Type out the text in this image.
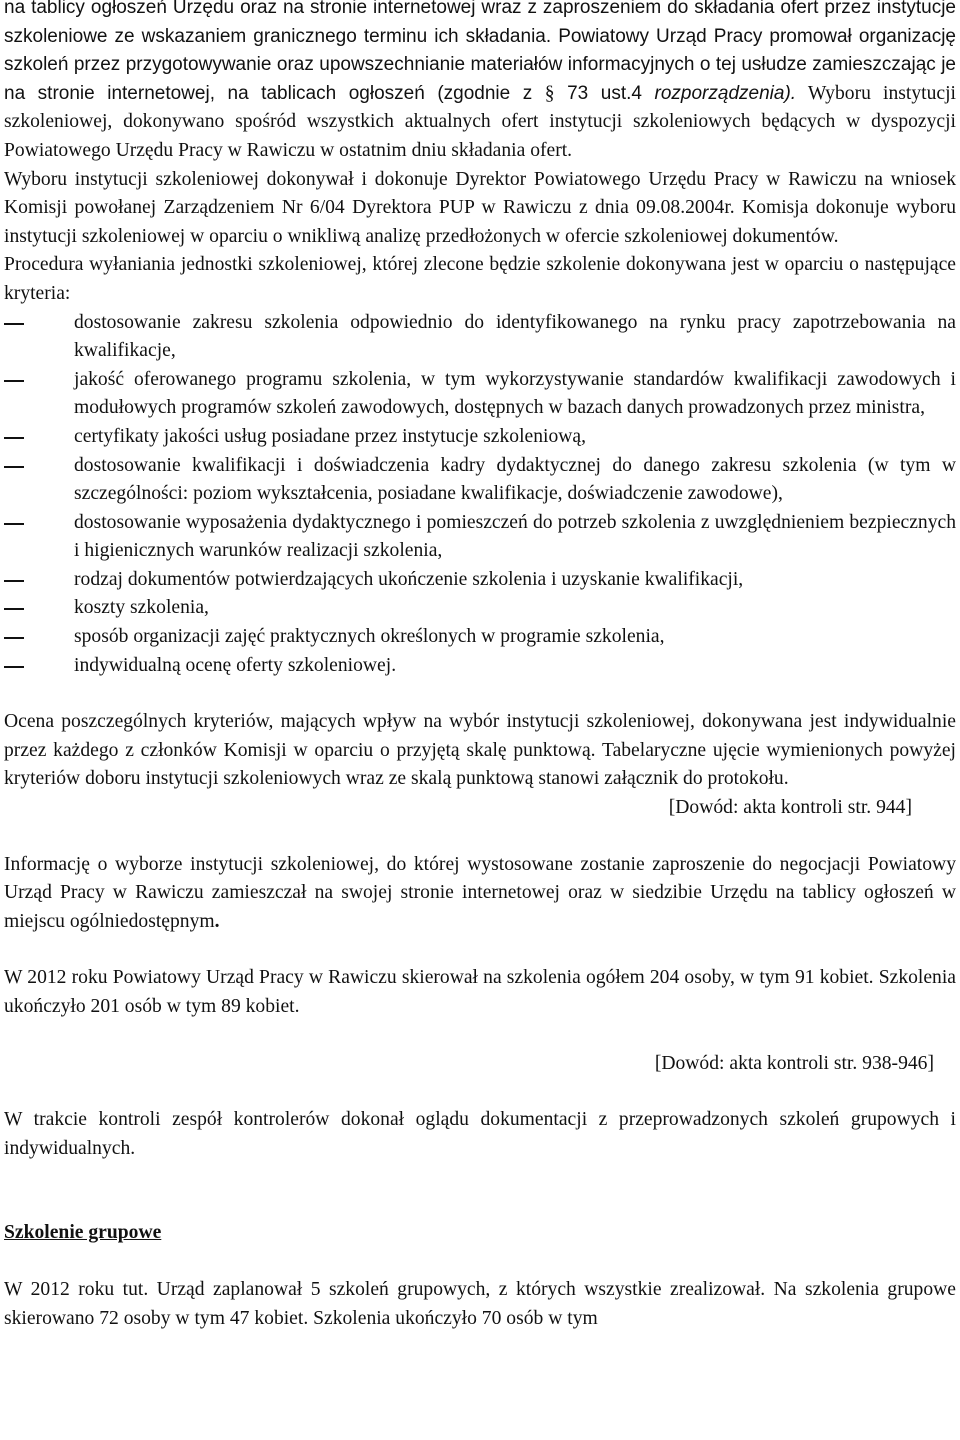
na tablicy ogłoszeń Urzędu oraz na stronie internetowej wraz z zaproszeniem do składania ofert przez instytucje szkoleniowe ze wskazaniem granicznego terminu ich składania. Powiatowy Urząd Pracy promował organizację szkoleń przez przygotowywanie oraz upowszechnianie materiałów informacyjnych o tej usłudze zamieszczając je na stronie internetowej, na tablicach ogłoszeń (zgodnie z § 73 ust.4 rozporządzenia). Wyboru instytucji szkoleniowej, dokonywano spośród wszystkich aktualnych ofert instytucji szkoleniowych będących w dyspozycji Powiatowego Urzędu Pracy w Rawiczu w ostatnim dniu składania ofert.

Wyboru instytucji szkoleniowej dokonywał i dokonuje Dyrektor Powiatowego Urzędu Pracy w Rawiczu na wniosek Komisji powołanej Zarządzeniem Nr 6/04 Dyrektora PUP w Rawiczu z dnia 09.08.2004r. Komisja dokonuje wyboru instytucji szkoleniowej w oparciu o wnikliwą analizę przedłożonych w ofercie szkoleniowej dokumentów.

Procedura wyłaniania jednostki szkoleniowej, której zlecone będzie szkolenie dokonywana jest w oparciu o następujące kryteria:

dostosowanie zakresu szkolenia odpowiednio do identyfikowanego na rynku pracy zapotrzebowania na kwalifikacje,
jakość oferowanego programu szkolenia, w tym wykorzystywanie standardów kwalifikacji zawodowych i modułowych programów szkoleń zawodowych, dostępnych w bazach danych prowadzonych przez ministra,
certyfikaty jakości usług posiadane przez instytucje szkoleniową,
dostosowanie kwalifikacji i doświadczenia kadry dydaktycznej do danego zakresu szkolenia (w tym w szczególności: poziom wykształcenia, posiadane kwalifikacje, doświadczenie zawodowe),
dostosowanie wyposażenia dydaktycznego i pomieszczeń do potrzeb szkolenia z uwzględnieniem bezpiecznych i higienicznych warunków realizacji szkolenia,
rodzaj dokumentów potwierdzających ukończenie szkolenia i uzyskanie kwalifikacji,
koszty szkolenia,
sposób organizacji zajęć praktycznych określonych w programie szkolenia,
indywidualną ocenę oferty szkoleniowej.

Ocena poszczególnych kryteriów, mających wpływ na wybór instytucji szkoleniowej, dokonywana jest indywidualnie przez każdego z członków Komisji w oparciu o przyjętą skalę punktową. Tabelaryczne ujęcie wymienionych powyżej kryteriów doboru instytucji szkoleniowych wraz ze skalą punktową stanowi załącznik do protokołu.

[Dowód: akta kontroli str. 944]

Informację o wyborze instytucji szkoleniowej, do której wystosowane zostanie zaproszenie do negocjacji Powiatowy Urząd Pracy w Rawiczu zamieszczał na swojej stronie internetowej oraz w siedzibie Urzędu na tablicy ogłoszeń w miejscu ogólniedostępnym.

W 2012 roku Powiatowy Urząd Pracy w Rawiczu skierował na szkolenia ogółem 204 osoby, w tym 91 kobiet. Szkolenia ukończyło 201 osób w tym 89 kobiet.

[Dowód: akta kontroli str. 938-946]

W trakcie kontroli zespół kontrolerów dokonał oglądu dokumentacji z przeprowadzonych szkoleń grupowych i indywidualnych.

Szkolenie grupowe

W 2012 roku tut. Urząd zaplanował 5 szkoleń grupowych, z których wszystkie zrealizował. Na szkolenia grupowe skierowano 72 osoby w tym 47 kobiet. Szkolenia ukończyło 70 osób w tym
